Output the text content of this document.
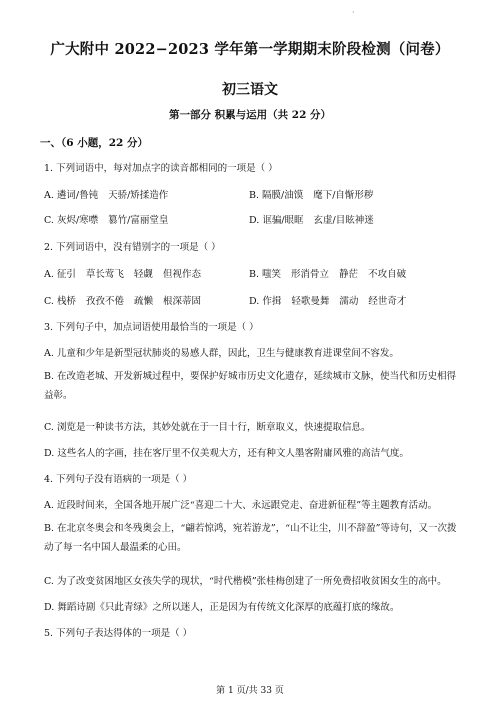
·
广大附中 2022−2023 学年第一学期期末阶段检测（问卷）
初三语文
第一部分 积累与运用（共 22 分）
一、（6 小题，22 分）
1. 下列词语中，每对加点字的读音都相同的一项是（ ）
A. 遴词/鲁钝 天骄/矫揉造作	B. 隔膜/油馍 麾下/自惭形秽
C. 灰烬/寒噤 篡竹/富丽堂皇	D. 诓骗/眼眶 玄虚/目眩神迷
2. 下列词语中，没有错别字的一项是（ ）
A. 征引 草长莺飞 轻觑 但视作态	B. 嗤笑 形消骨立 静茫 不攻自破
C. 栈桥 孜孜不倦 疏懒 根深蒂固	D. 作揖 轻歌曼舞 濡动 经世奇才
3. 下列句子中，加点词语使用最恰当的一项是（ ）
A. 儿童和少年是新型冠状肺炎的易感人群，因此，卫生与健康教育进课堂间不容发。
B. 在改造老城、开发新城过程中，要保护好城市历史文化遗存，延续城市文脉，使当代和历史相得益彰。
C. 浏览是一种读书方法，其妙处就在于一目十行，断章取义，快速提取信息。
D. 这些名人的字画，挂在客厅里不仅美观大方，还有种文人墨客附庸风雅的高洁气度。
4. 下列句子没有语病的一项是（ ）
A. 近段时间来，全国各地开展广泛“喜迎二十大、永远跟党走、奋进新征程”等主题教育活动。
B. 在北京冬奥会和冬残奥会上，“翩若惊鸿，宛若游龙”，“山不让尘，川不辞盈”等诗句，又一次拨动了每一名中国人最温柔的心田。
C. 为了改变贫困地区女孩失学的现状，“时代楷模”张桂梅创建了一所免费招收贫困女生的高中。
D. 舞蹈诗剧《只此青绿》之所以迷人，正是因为有传统文化深厚的底蕴打底的缘故。
5. 下列句子表达得体的一项是（ ）
第 1 页/共 33 页
